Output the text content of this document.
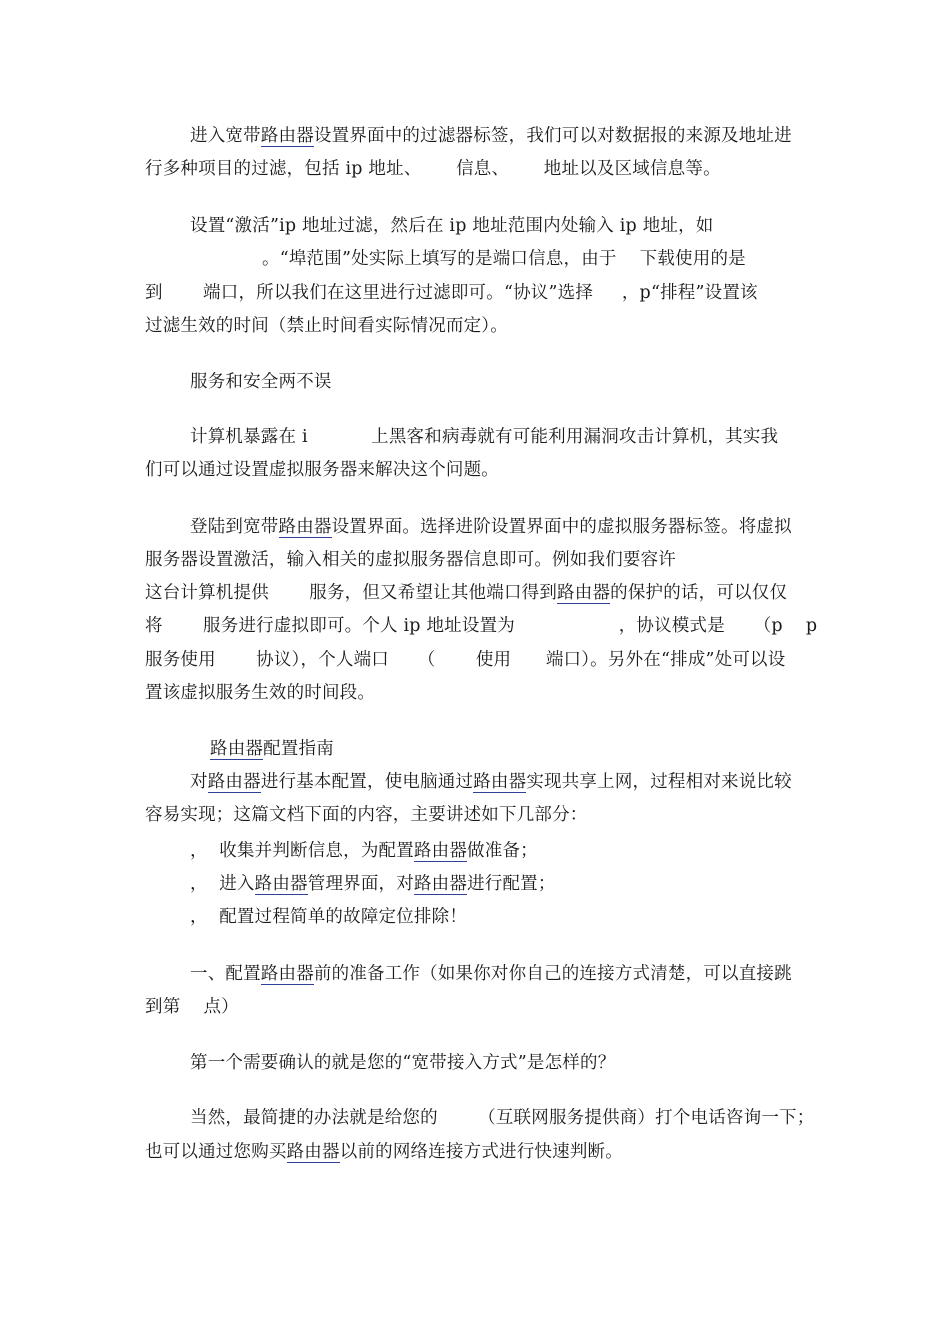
进入宽带路由器设置界面中的过滤器标签，我们可以对数据报的来源及地址进
行多种项目的过滤，包括 ip 地址、      信息、      地址以及区域信息等。
设置“激活”ip 地址过滤，然后在 ip 地址范围内处输入 ip 地址，如
。“埠范围”处实际上填写的是端口信息，由于    下载使用的是
到       端口，所以我们在这里进行过滤即可。“协议”选择     ，p“排程”设置该
过滤生效的时间（禁止时间看实际情况而定）。
服务和安全两不误
计算机暴露在 i           上黑客和病毒就有可能利用漏洞攻击计算机，其实我
们可以通过设置虚拟服务器来解决这个问题。
登陆到宽带路由器设置界面。选择进阶设置界面中的虚拟服务器标签。将虚拟
服务器设置激活，输入相关的虚拟服务器信息即可。例如我们要容许
这台计算机提供       服务，但又希望让其他端口得到路由器的保护的话，可以仅仅
将       服务进行虚拟即可。个人 ip 地址设置为                  ，协议模式是     （p    p
服务使用       协议），个人端口     （       使用      端口）。另外在“排成”处可以设
置该虚拟服务生效的时间段。
路由器配置指南
对路由器进行基本配置，使电脑通过路由器实现共享上网，过程相对来说比较
容易实现；这篇文档下面的内容，主要讲述如下几部分：
，  收集并判断信息，为配置路由器做准备；
，  进入路由器管理界面，对路由器进行配置；
，  配置过程简单的故障定位排除！
一、配置路由器前的准备工作（如果你对你自己的连接方式清楚，可以直接跳
到第    点）
第一个需要确认的就是您的“宽带接入方式”是怎样的？
当然，最简捷的办法就是给您的       （互联网服务提供商）打个电话咨询一下；
也可以通过您购买路由器以前的网络连接方式进行快速判断。
